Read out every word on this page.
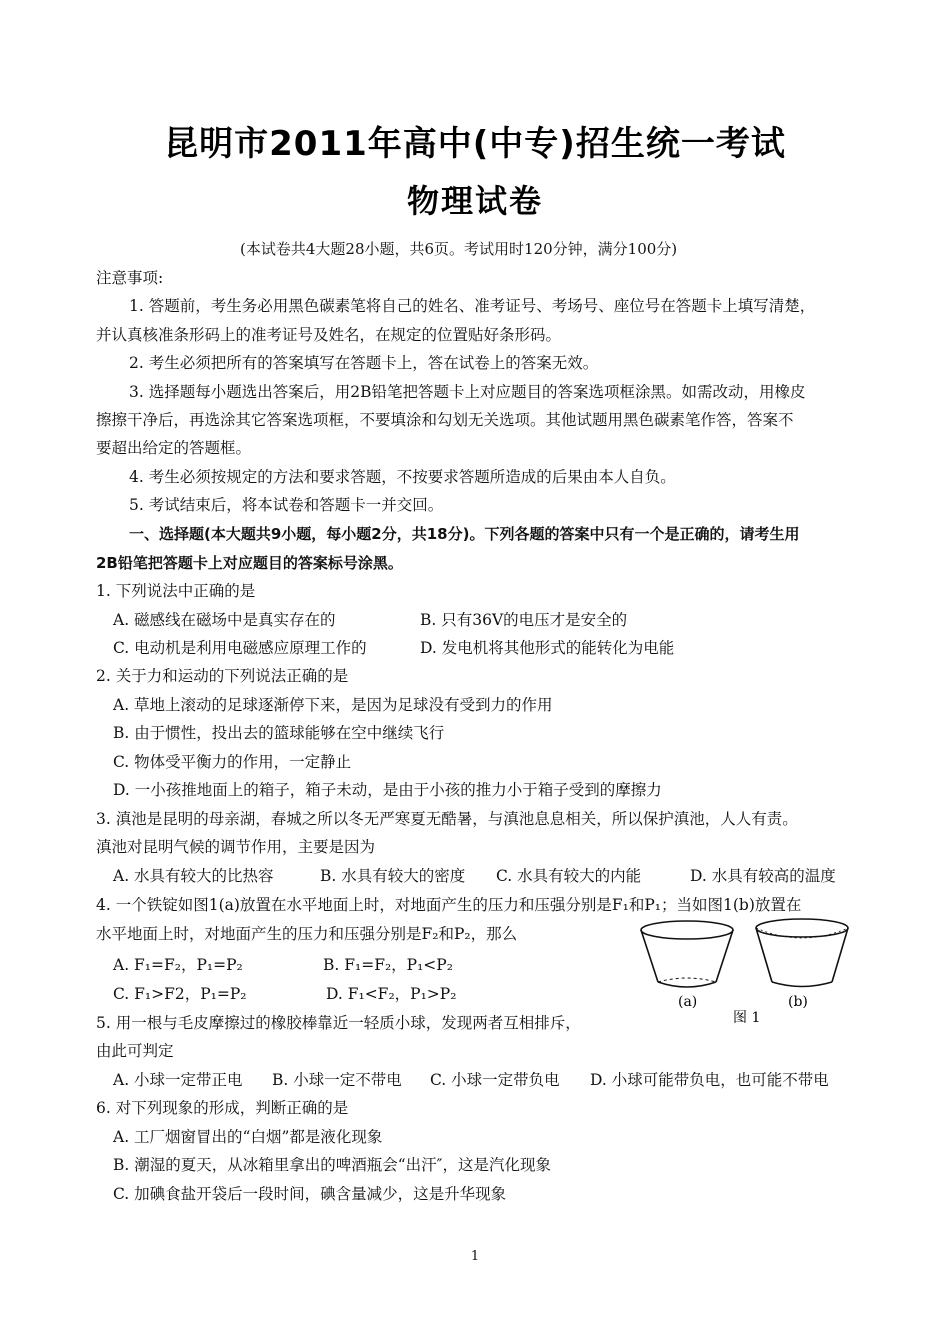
昆明市2011年高中(中专)招生统一考试
物理试卷
(本试卷共4大题28小题，共6页。考试用时120分钟，满分100分)
注意事项:
1. 答题前，考生务必用黑色碳素笔将自己的姓名、准考证号、考场号、座位号在答题卡上填写清楚，
并认真核准条形码上的准考证号及姓名，在规定的位置贴好条形码。
2. 考生必须把所有的答案填写在答题卡上，答在试卷上的答案无效。
3. 选择题每小题选出答案后，用2B铅笔把答题卡上对应题目的答案选项框涂黑。如需改动，用橡皮
擦擦干净后，再选涂其它答案选项框，不要填涂和勾划无关选项。其他试题用黑色碳素笔作答，答案不
要超出给定的答题框。
4. 考生必须按规定的方法和要求答题，不按要求答题所造成的后果由本人自负。
5. 考试结束后，将本试卷和答题卡一并交回。
一、选择题(本大题共9小题，每小题2分，共18分)。下列各题的答案中只有一个是正确的，请考生用
2B铅笔把答题卡上对应题目的答案标号涂黑。
1. 下列说法中正确的是
A. 磁感线在磁场中是真实存在的	B. 只有36V的电压才是安全的
C. 电动机是利用电磁感应原理工作的	D. 发电机将其他形式的能转化为电能
2. 关于力和运动的下列说法正确的是
A. 草地上滚动的足球逐渐停下来，是因为足球没有受到力的作用
B. 由于惯性，投出去的篮球能够在空中继续飞行
C. 物体受平衡力的作用，一定静止
D. 一小孩推地面上的箱子，箱子未动，是由于小孩的推力小于箱子受到的摩擦力
3. 滇池是昆明的母亲湖，春城之所以冬无严寒夏无酷暑，与滇池息息相关，所以保护滇池，人人有责。
滇池对昆明气候的调节作用，主要是因为
A. 水具有较大的比热容	B. 水具有较大的密度 C. 水具有较大的内能	D. 水具有较高的温度
4. 一个铁锭如图1(a)放置在水平地面上时，对地面产生的压力和压强分别是F₁和P₁；当如图1(b)放置在
水平地面上时，对地面产生的压力和压强分别是F₂和P₂，那么
A. F₁=F₂，P₁=P₂	B. F₁=F₂，P₁<P₂
C. F₁>F2，P₁=P₂	D. F₁<F₂，P₁>P₂	(a)	(b)
图 1
5. 用一根与毛皮摩擦过的橡胶棒靠近一轻质小球，发现两者互相排斥，
由此可判定
A. 小球一定带正电 B. 小球一定不带电 C. 小球一定带负电 D. 小球可能带负电，也可能不带电
6. 对下列现象的形成，判断正确的是
A. 工厂烟窗冒出的“白烟”都是液化现象
B. 潮湿的夏天，从冰箱里拿出的啤酒瓶会“出汗″，这是汽化现象
C. 加碘食盐开袋后一段时间，碘含量减少，这是升华现象
1
